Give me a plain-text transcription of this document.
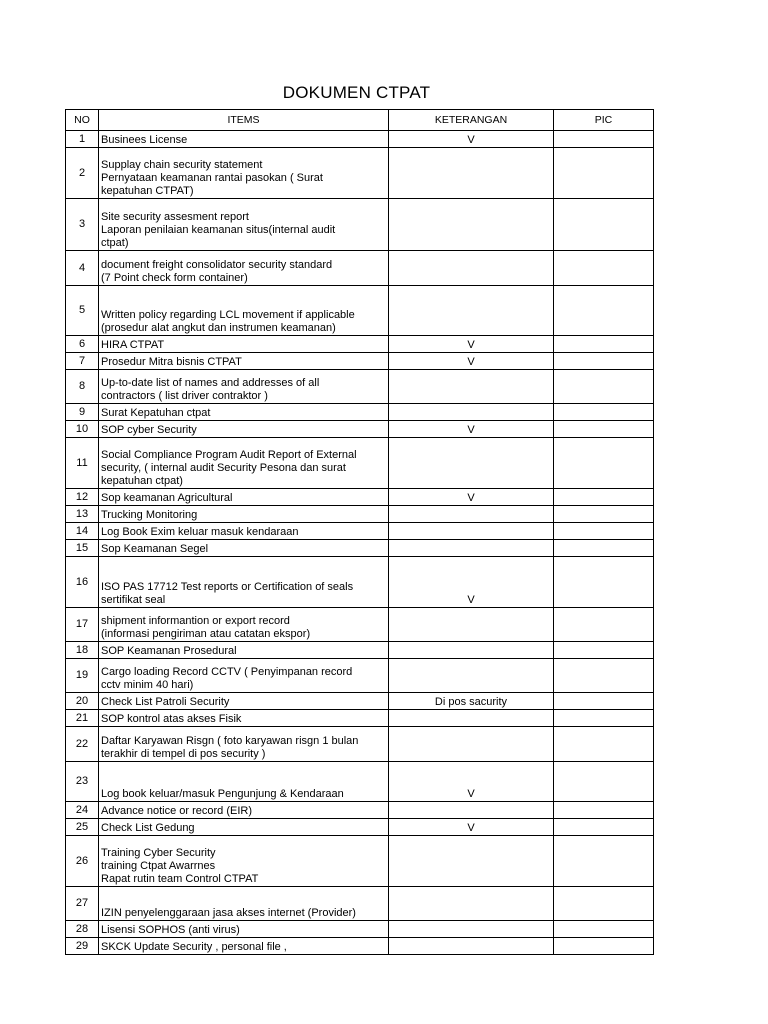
DOKUMEN CTPAT
NO	ITEMS	KETERANGAN	PIC
1	Businees License	V	
2	Supplay chain security statement
Pernyataan keamanan rantai pasokan ( Surat
kepatuhan CTPAT)		

3	Site security assesment report
Laporan penilaian keamanan situs(internal audit
ctpat)		

4	document freight consolidator security standard
(7 Point check form container)		

5	Written policy regarding LCL movement if applicable
(prosedur alat angkut dan instrumen keamanan)		

6	HIRA CTPAT	V	
7	Prosedur Mitra bisnis CTPAT	V	
8	Up-to-date list of names and addresses of all
contractors ( list driver contraktor )		

9	Surat Kepatuhan ctpat		

10	SOP cyber Security	V	
11	Social Compliance Program Audit Report of External
security, ( internal audit Security Pesona dan surat
kepatuhan ctpat)		

12	Sop keamanan Agricultural	V	
13	Trucking Monitoring		

14	Log Book Exim keluar masuk kendaraan		

15	Sop Keamanan Segel		

16	ISO PAS 17712 Test reports or Certification of seals
sertifikat seal	V	
17	shipment informantion or export record
(informasi pengiriman atau catatan ekspor)		

18	SOP Keamanan Prosedural		

19	Cargo loading Record CCTV ( Penyimpanan record
cctv minim 40 hari)		

20	Check List Patroli Security	Di pos sacurity	
21	SOP kontrol atas akses Fisik		

22	Daftar Karyawan Risgn ( foto karyawan risgn 1 bulan
terakhir di tempel di pos security )		

23	Log book keluar/masuk Pengunjung & Kendaraan	V	
24	Advance notice or record (EIR)		

25	Check List Gedung	V	
26	Training Cyber Security
training Ctpat Awarrnes
Rapat rutin team Control CTPAT		

27	IZIN penyelenggaraan jasa akses internet (Provider)		

28	Lisensi SOPHOS (anti virus)		

29	SKCK Update Security , personal file ,		
